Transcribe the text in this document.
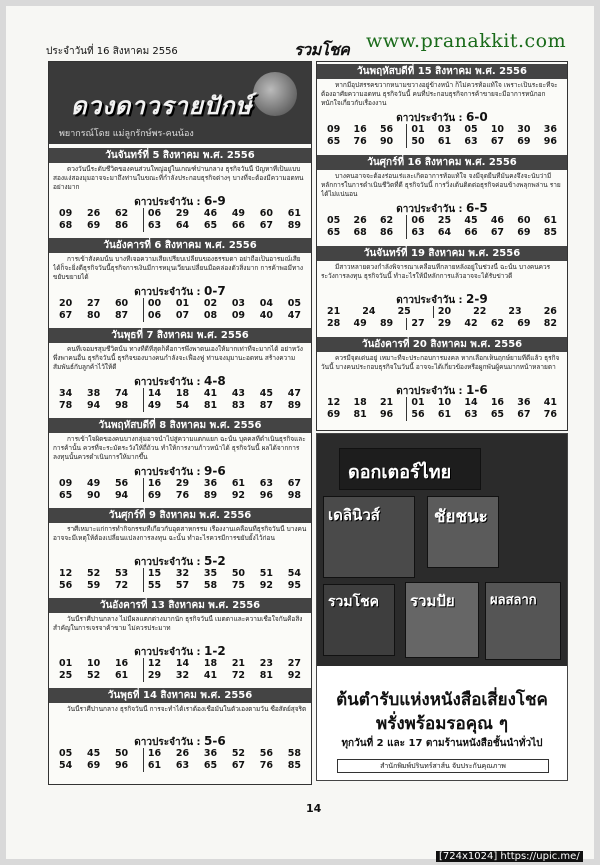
ประจำวันที่ 16 สิงหาคม 2556	รวมโชค www.pranakkit.com
ดวงดาวรายปักษ์
พยากรณ์โดย แม่ลูกรักษ์พร-คนน้อง
วันจันทร์ที่ 5 สิงหาคม พ.ศ. 2556
ดวงวันนี้ระดับชีวิตของคนส่วนใหญ่อยู่ในเกณฑ์ปานกลาง ธุรกิจวันนี้ ปัญหาที่เป็นแบบสองแง่สองมุมอาจจะมาถึงท่านในขณะที่กำลังประกอบธุรกิจต่างๆ บางที่จะต้องมีความอดทนอย่างมาก
ดาวประจำวัน : 6-9
09 26 62	06 29 46 49 60 61
68 69 86	63 64 65 66 67 89
วันอังคารที่ 6 สิงหาคม พ.ศ. 2556
การเข้าสังคมนั้น บางทีเจอความเสียเปรียบเปลี่ยนของธรรมดา อย่าถือเป็นอารมณ์เสียได้ก็จะยิ่งดีธุรกิจวันนี้ธุรกิจการเงินมีการหมุนเวียนเปลี่ยนมือคล่องตัวสิ่งมาก การค้าพอมีทางขยับขยายได้
ดาวประจำวัน : 0-7
20 27 60	00 01 02 03 04 05
67 80 87	06 07 08 09 40 47
วันพุธที่ 7 สิงหาคม พ.ศ. 2556
คนที่เจอมรสุมชีวิตนั้น ทางที่ดีที่สุดก็คือการพึ่งพาตนเองให้มากเท่าที่จะมากได้ อย่าหวังพึ่งพาคนอื่น ธุรกิจวันนี้ ธุรกิจของบางคนกำลังจะเฟื่องฟู ท่านจงมุมานะอดทน สร้างความสัมพันธ์กับลูกค้าไว้ให้ดี
ดาวประจำวัน : 4-8
34 38 74	14 18 41 43 45 47
78 94 98	49 54 81 83 87 89
วันพฤหัสบดีที่ 8 สิงหาคม พ.ศ. 2556
การเข้าใจผิดของคนบางกลุ่มอาจนำไปสู่ความแตกแยก ฉะนั้น บุคคลที่ดำเนินธุรกิจและการค้านั้น ควรที่จะระมัดระวังให้ถี่ถ้วน ทำให้การงานก้าวหน้าได้ ธุรกิจวันนี้ ผลได้จากการลงทุนนั้นควรดำเนินการให้มากขึ้น
ดาวประจำวัน : 9-6
09 49 56	16 29 36 61 63 67
65 90 94	69 76 89 92 96 98
วันศุกร์ที่ 9 สิงหาคม พ.ศ. 2556
ราศีเหมาะแก่การทำกิจกรรมที่เกี่ยวกับอุตสาหกรรม เรื่องงานเคลื่อนที่ธุรกิจวันนี้ บางคนอาจจะมีเหตุให้ต้องเปลี่ยนแปลงการลงทุน ฉะนั้น ทำอะไรควรมีการขยับยั้งไว้ก่อน
ดาวประจำวัน : 5-2
12 52 53	15 32 35 50 51 54
56 59 72	55 57 58 75 92 95
วันอังคารที่ 13 สิงหาคม พ.ศ. 2556
วันนี้ราศีปานกลาง ไม่มีผลแตกต่างมากนัก ธุรกิจวันนี้ เมตตาและความเชื่อใจกันคือสิ่งสำคัญในการเจรจาค้าขาย ไม่ควรประมาท
ดาวประจำวัน : 1-2
01 10 16	12 14 18 21 23 27
25 52 61	29 32 41 72 81 92
วันพุธที่ 14 สิงหาคม พ.ศ. 2556
วันนี้ราศีปานกลาง ธุรกิจวันนี้ การจะทำได้เราต้องเชื่อมั่นในตัวเองตามวัน ซื่อสัตย์สุจริต
ดาวประจำวัน : 5-6
05 45 50	16 26 36 52 56 58
54 69 96	61 63 65 67 76 85
วันพฤหัสบดีที่ 15 สิงหาคม พ.ศ. 2556
หากมีอุปสรรคขวากหนามขวางอยู่ข้างหน้า ก็ไม่ควรท้อแท้ใจ เพราะเป็นระยะที่จะต้องอาศัยความอดทน ธุรกิจวันนี้ คนที่ประกอบธุรกิจการค้าขายจะมีอาการหนักอกหนักใจเกี่ยวกับเรื่องงาน
ดาวประจำวัน : 6-0
09 16 56	01 03 05 10 30 36
65 76 90	50 61 63 67 69 96
วันศุกร์ที่ 16 สิงหาคม พ.ศ. 2556
บางคนอาจจะต้องร่อนเร่และเกิดอาการท้อแท้ใจ จงมีจุดยืนที่มั่นคงจึงจะนับว่ามีหลักการในการดำเนินชีวิตที่ดี ธุรกิจวันนี้ การวิ่งเต้นติดต่อธุรกิจค่อนข้างพลุกพล่าน รายได้ไม่แน่นอน
ดาวประจำวัน : 6-5
05 26 62	06 25 45 46 60 61
65 68 86	63 64 66 67 69 85
วันจันทร์ที่ 19 สิงหาคม พ.ศ. 2556
มีสาวหลายดวงกำลังพิจารณาเคลื่อนที่กลายหลังอยู่ในช่วงนี้ ฉะนั้น บางคนควรระวังการลงทุน ธุรกิจวันนี้ ทำอะไรให้มีหลักการแล้วอาจจะได้รับข่าวดี
ดาวประจำวัน : 2-9
21 24 25	20 22 23 26
28 49 89	27 29 42 62 69 82
วันอังคารที่ 20 สิงหาคม พ.ศ. 2556
ควรมีจุดเด่นอยู่ เหมาะที่จะประกอบการมงคล หากเลือกเห็นฤกษ์ยามที่ดีแล้ว ธุรกิจวันนี้ บางคนประกอบธุรกิจในวันนี้ อาจจะได้เกี่ยวข้องหรือผูกพันผู้คนมากหน้าหลายตา
ดาวประจำวัน : 1-6
12 18 21	01 10 14 16 36 41
69 81 96	56 61 63 65 67 76
ดอกเตอร์ไทย
เดลินิวส์	ชัยชนะ
รวมโชค รวมปัย	ผลสลาก
ต้นตำรับแห่งหนังสือเสี่ยงโชค
พรั่งพร้อมรอคุณ ๆ
ทุกวันที่ 2 และ 17 ตามร้านหนังสือชั้นนำทั่วไป
สำนักพิมพ์ปรินทร์สาส์น จับประกันคุณภาพ
14
[724x1024] https://upic.me/
